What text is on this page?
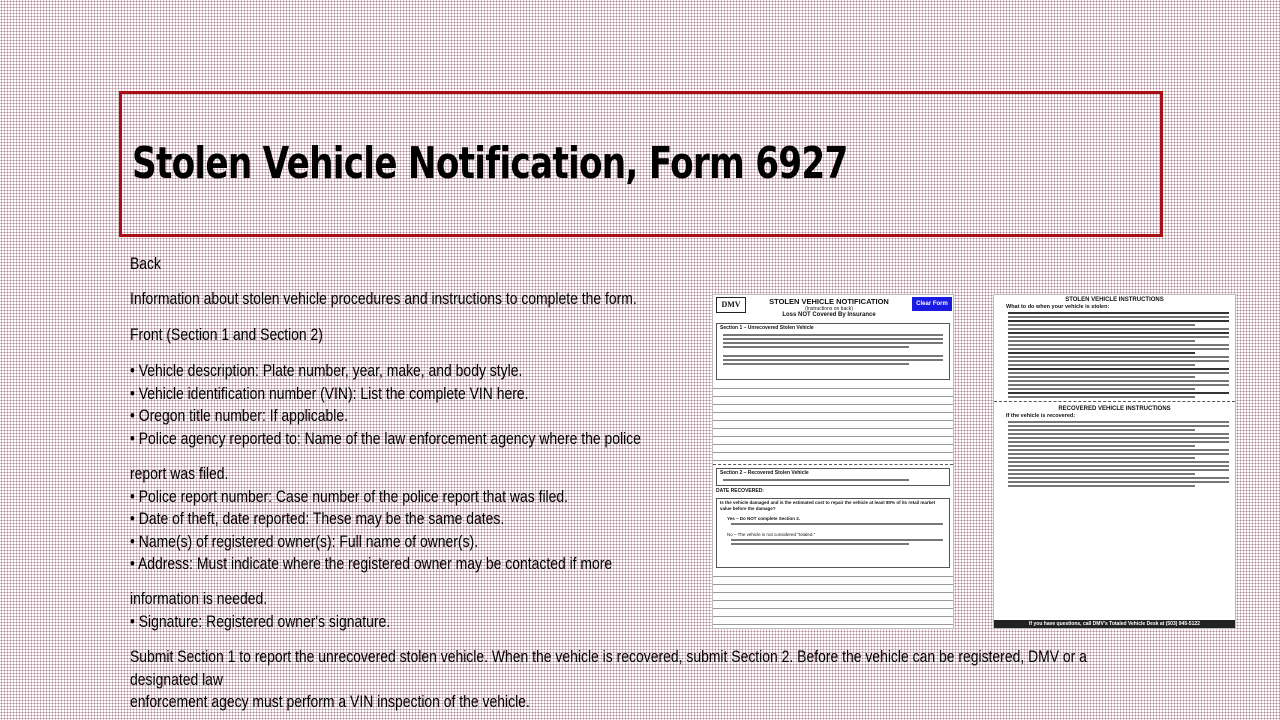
Stolen Vehicle Notification, Form 6927
Back
Information about stolen vehicle procedures and instructions to complete the form.
Front (Section 1 and Section 2)
• Vehicle description: Plate number, year, make, and body style.
• Vehicle identification number (VIN): List the complete VIN here.
• Oregon title number: If applicable.
• Police agency reported to: Name of the law enforcement agency where the police
report was filed.
• Police report number: Case number of the police report that was filed.
• Date of theft, date reported: These may be the same dates.
• Name(s) of registered owner(s): Full name of owner(s).
• Address: Must indicate where the registered owner may be contacted if more
information is needed.
• Signature: Registered owner's signature.
Submit Section 1 to report the unrecovered stolen vehicle. When the vehicle is recovered, submit Section 2. Before the vehicle can be registered, DMV or a designated law
enforcement agecy must perform a VIN inspection of the vehicle.
DMV	Clear Form
STOLEN VEHICLE NOTIFICATION
(Instructions on back)
Loss NOT Covered By Insurance
Section 1 – Unrecovered Stolen Vehicle
Section 2 – Recovered Stolen Vehicle
DATE RECOVERED:
Is the vehicle damaged and is the estimated cost to repair the vehicle at least 80% of its retail market value before the damage?
Yes – Do NOT complete Section 2.
No – The vehicle is not considered "totaled."
STOLEN VEHICLE INSTRUCTIONS
What to do when your vehicle is stolen:
RECOVERED VEHICLE INSTRUCTIONS
If the vehicle is recovered:
If you have questions, call DMV's Totaled Vehicle Desk at (503) 945-5122
